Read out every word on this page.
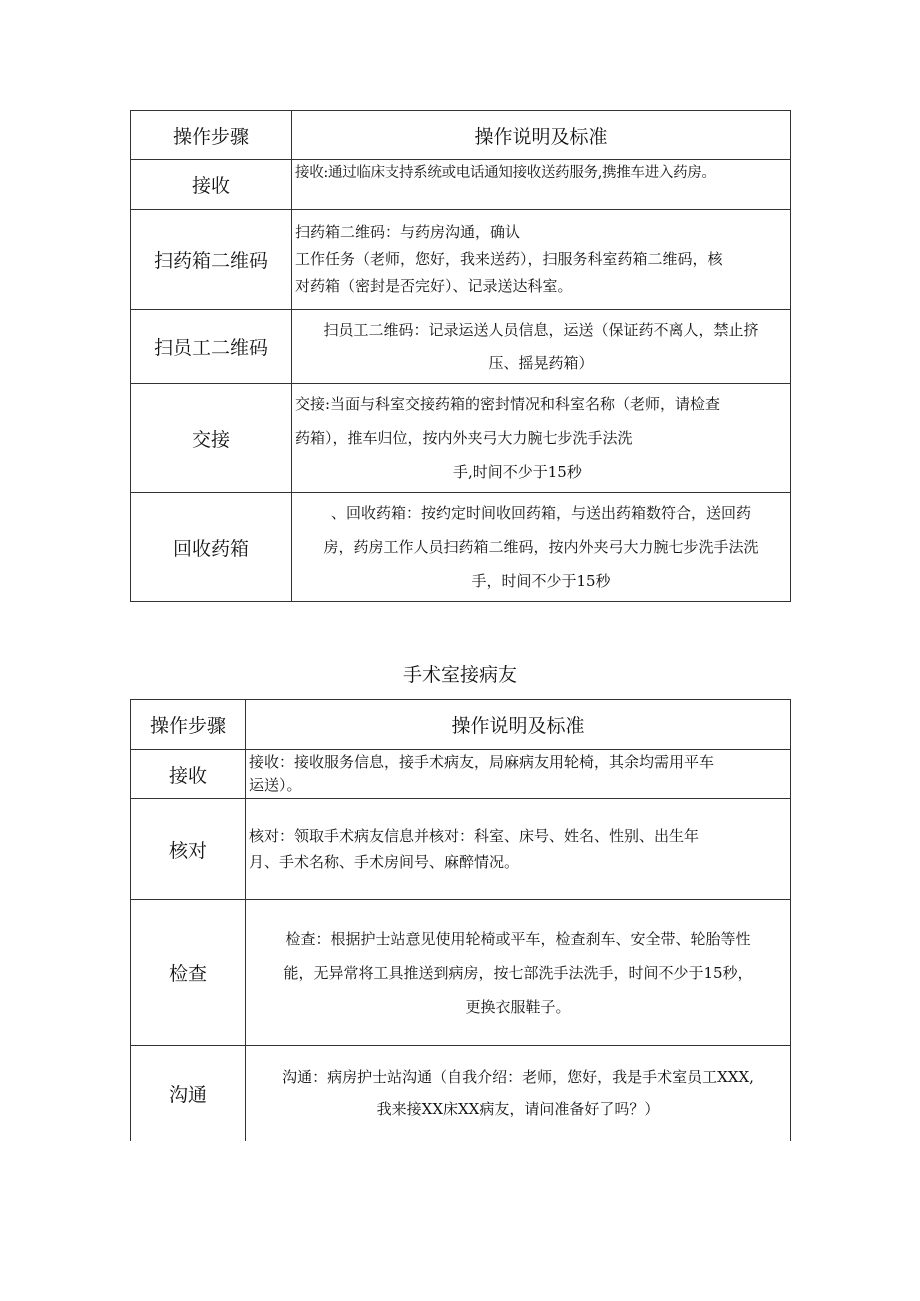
操作步骤	操作说明及标准
接收	接收:通过临床支持系统或电话通知接收送药服务,携推车进入药房。

扫药箱二维码	扫药箱二维码：与药房沟通，确认
工作任务（老师，您好，我来送药），扫服务科室药箱二维码，核
对药箱（密封是否完好）、记录送达科室。

扫员工二维码	扫员工二维码：记录运送人员信息，运送（保证药不离人，禁止挤
压、摇晃药箱）

交接	交接:当面与科室交接药箱的密封情况和科室名称（老师，请检查
药箱），推车归位，按内外夹弓大力腕七步洗手法洗
手,时间不少于15秒

回收药箱	、回收药箱：按约定时间收回药箱，与送出药箱数符合，送回药
房，药房工作人员扫药箱二维码，按内外夹弓大力腕七步洗手法洗
手，时间不少于15秒
手术室接病友
操作步骤	操作说明及标准
接收	接收：接收服务信息，接手术病友，局麻病友用轮椅，其余均需用平车
运送）。

核对	核对：领取手术病友信息并核对：科室、床号、姓名、性别、出生年
月、手术名称、手术房间号、麻醉情况。

检查	检查：根据护士站意见使用轮椅或平车，检查刹车、安全带、轮胎等性
能，无异常将工具推送到病房，按七部洗手法洗手，时间不少于15秒，
更换衣服鞋子。

沟通	沟通：病房护士站沟通（自我介绍：老师，您好，我是手术室员工XXX,
我来接XX床XX病友，请问准备好了吗？）
